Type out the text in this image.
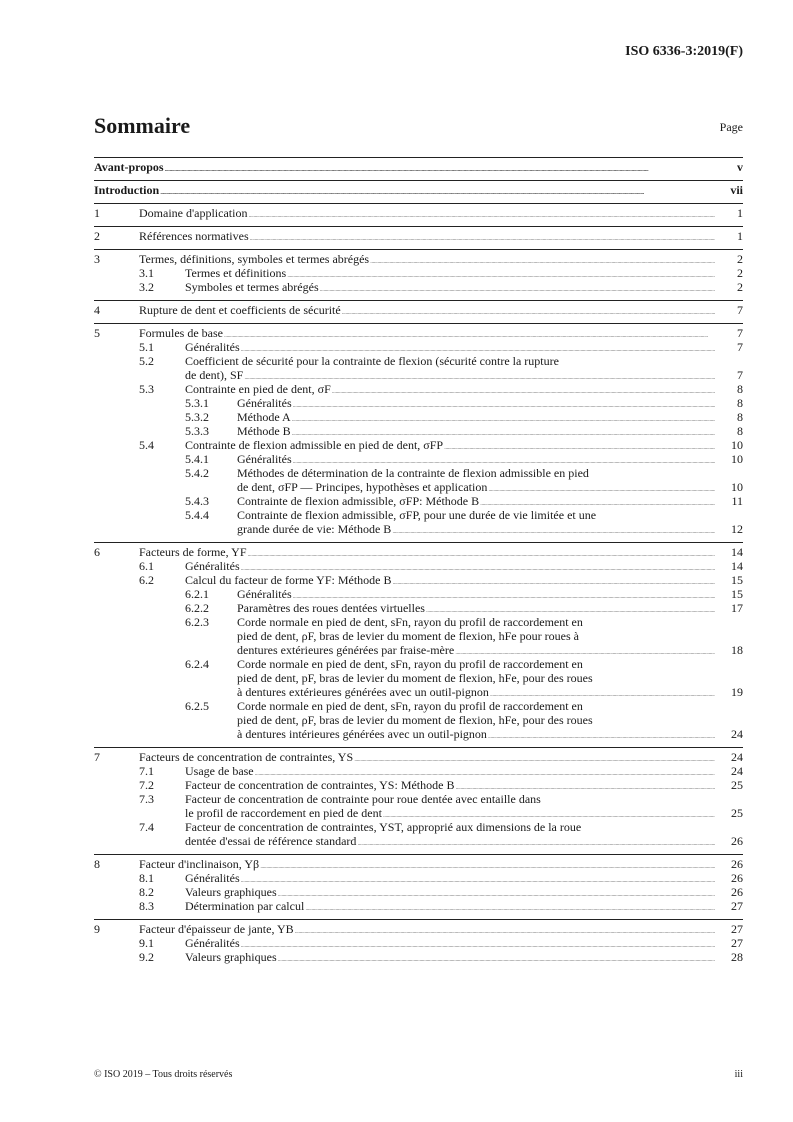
ISO 6336-3:2019(F)
Sommaire	Page
Avant-propos .....	v
Introduction .....	vii
1	Domaine d'application .....	1
2	Références normatives .....	1
3	Termes, définitions, symboles et termes abrégés .....	2
3.1	Termes et définitions .....	2
3.2	Symboles et termes abrégés .....	2
4	Rupture de dent et coefficients de sécurité .....	7
5	Formules de base .....	7
5.1	Généralités .....	7
5.2	Coefficient de sécurité pour la contrainte de flexion (sécurité contre la rupture
de dent), SF .....	7
5.3	Contrainte en pied de dent, σF .....	8
5.3.1 Généralités .....	8
5.3.2 Méthode A .....	8
5.3.3 Méthode B .....	8
5.4	Contrainte de flexion admissible en pied de dent, σFP .....	10
5.4.1 Généralités .....	10
5.4.2 Méthodes de détermination de la contrainte de flexion admissible en pied
de dent, σFP — Principes, hypothèses et application .....	10
5.4.3 Contrainte de flexion admissible, σFP: Méthode B .....	11
5.4.4 Contrainte de flexion admissible, σFP, pour une durée de vie limitée et une
grande durée de vie: Méthode B .....	12
6	Facteurs de forme, YF .....	14
6.1	Généralités .....	14
6.2	Calcul du facteur de forme YF: Méthode B .....	15
6.2.1 Généralités .....	15
6.2.2 Paramètres des roues dentées virtuelles .....	17
6.2.3 Corde normale en pied de dent, sFn, rayon du profil de raccordement en
pied de dent, ρF, bras de levier du moment de flexion, hFe pour roues à
dentures extérieures générées par fraise-mère .....	18
6.2.4 Corde normale en pied de dent, sFn, rayon du profil de raccordement en
pied de dent, pF, bras de levier du moment de flexion, hFe, pour des roues
à dentures extérieures générées avec un outil-pignon .....	19
6.2.5 Corde normale en pied de dent, sFn, rayon du profil de raccordement en
pied de dent, ρF, bras de levier du moment de flexion, hFe, pour des roues
à dentures intérieures générées avec un outil-pignon .....	24
7	Facteurs de concentration de contraintes, YS .....	24
7.1	Usage de base .....	24
7.2	Facteur de concentration de contraintes, YS: Méthode B .....	25
7.3	Facteur de concentration de contrainte pour roue dentée avec entaille dans
le profil de raccordement en pied de dent .....	25
7.4	Facteur de concentration de contraintes, YST, approprié aux dimensions de la roue
dentée d'essai de référence standard .....	26
8	Facteur d'inclinaison, Yβ .....	26
8.1	Généralités .....	26
8.2	Valeurs graphiques .....	26
8.3	Détermination par calcul .....	27
9	Facteur d'épaisseur de jante, YB .....	27
9.1	Généralités .....	27
9.2	Valeurs graphiques .....	28
© ISO 2019 – Tous droits réservés	iii
